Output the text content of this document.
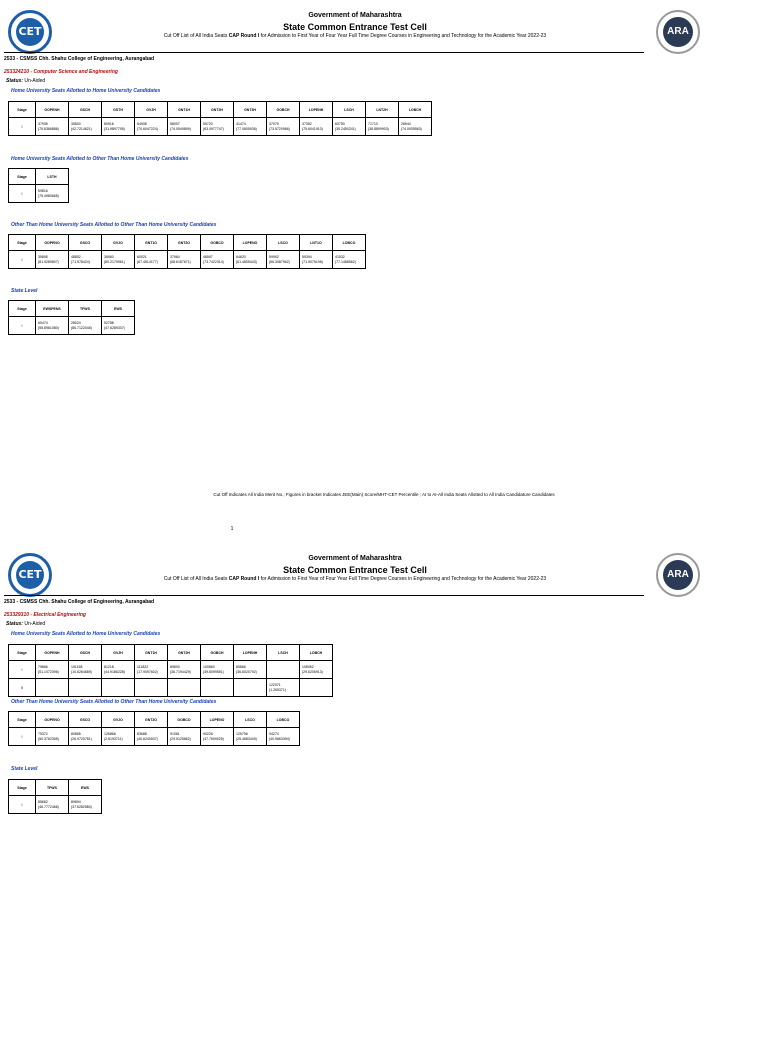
CET	ARA
Government of Maharashtra
State Common Entrance Test Cell
Cut Off List of All India Seats CAP Round I for Admission to First Year of Four Year Full Time Degree Courses in Engineering and Technology for the Academic Year 2022-23
2533 - CSMSS Chh. Shahu College of Engineering, Aurangabad
253324210 - Computer Science and Engineering
Status: Un-Aided
Home University Seats Allotted to Home University Candidates
Stage	GOPENH	GSCH	GSTH	GVJH	GNT1H	GNT2H	GNT3H	GOBCH	LOPENH	LSCH	LNT2H	LOBCH
I	37935 (75.8366886)	35800 (42.7214621)	80916 (31.9897795)	64908 (70.6047224)	58007 (74.0549899)	59720 (63.0977747)	41474 (77.0805936)	37079 (73.5720966)	37352 (75.6041910)	60750 (35.2450241)	71710 (38.8899903)	28944 (74.0935563)
Home University Seats Allotted to Other Than Home University Candidates
Stage	LSTH
I	59816 (75.4980665)
Other Than Home University Seats Allotted to Other Than Home University Candidates
Stage	GOPENO	GSCO	GVJO	GNT1O	GNT2O	GOBCO	LOPENO	LSCO	LNT1O	LOBCO
I	35895 (81.9289807)	48852 (71.578424)	36960 (80.2179961)	60021 (67.4514177)	37964 (68.6187671)	46597 (73.7422314)	64620 (61.4805443)	59992 (66.3087962)	59394 (71.9075196)	41532 (77.1488562)
State Level
Stage	EWSPENS	TFWS	EWS
I	60474 (55.8961080)	28024 (86.7122046)	52788 (47.6289337)
Cut Off Indicates All India Merit No.; Figures in bracket Indicates JEE(Main) Score/MHT-CET Percentile ; AI to AI-All India Seats Allotted to All India Candidature Candidates
1
CET	ARA
Government of Maharashtra
State Common Entrance Test Cell
Cut Off List of All India Seats CAP Round I for Admission to First Year of Four Year Full Time Degree Courses in Engineering and Technology for the Academic Year 2022-23
2533 - CSMSS Chh. Shahu College of Engineering, Aurangabad
253329310 - Electrical Engineering
Status: Un-Aided
Home University Seats Allotted to Home University Candidates
Stage	GOPENH	GSCH	GVJH	GNT1H	GNT2H	GOBCH	LOPENH	LSCH	LOBCH
I	79866 (51.1072396)	191158 (10.6264689)	81218 (44.9186228)	111822 (17.9097602)	89800 (36.7194429)	100860 (39.8099551)	85866 (36.6020792)		108052 (29.6206913)

II								122071 (1.265371)	

Other Than Home University Seats Allotted to Other Than Home University Candidates
Stage	GOPENO	GSCO	GVJO	GNT2O	GOBCO	LOPENO	LSCO	LOBCO
I	79372 (50.3762395)	80865 (26.0720781)	126866 (2.6193711)	83688 (40.6240537)	91061 (29.5125862)	90226 (47.7609025)	125796 (25.4683449)	94274 (40.9663394)
State Level
Stage	TFWS	EWS
I	85662 (46.7772466)	89894 (37.5282580)
